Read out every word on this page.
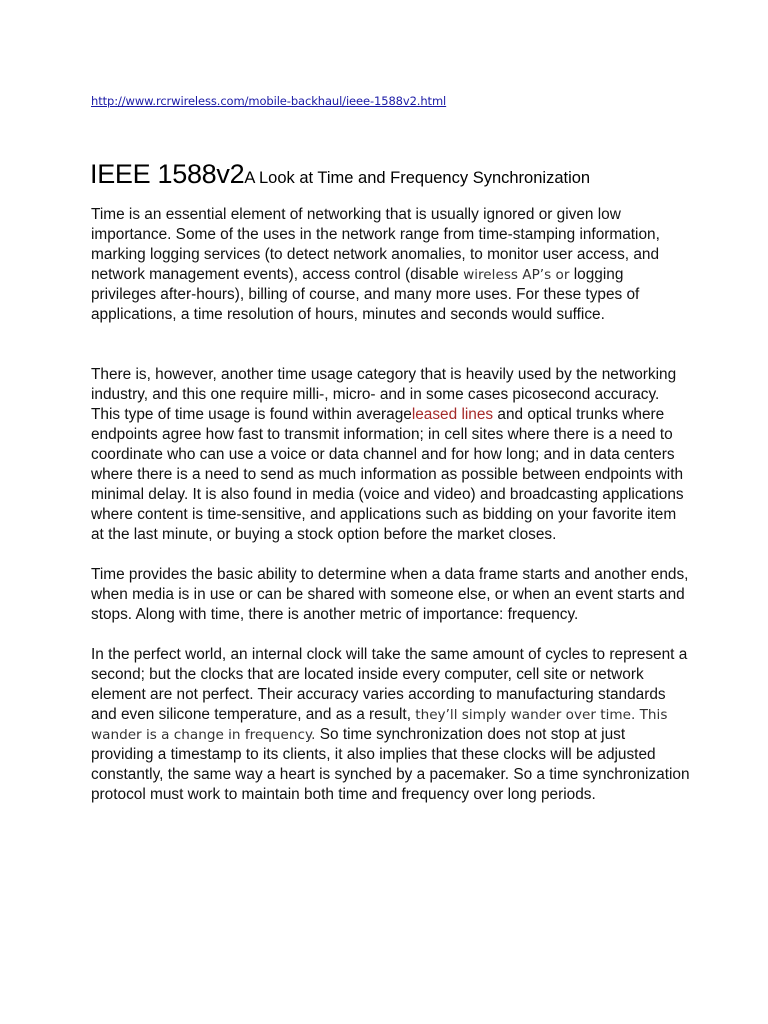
http://www.rcrwireless.com/mobile-backhaul/ieee-1588v2.html
IEEE 1588v2A Look at Time and Frequency Synchronization

Time is an essential element of networking that is usually ignored or given low importance. Some of the uses in the network range from time-stamping information, marking logging services (to detect network anomalies, to monitor user access, and network management events), access control (disable wireless AP’s or logging privileges after-hours), billing of course, and many more uses. For these types of applications, a time resolution of hours, minutes and seconds would suffice.

There is, however, another time usage category that is heavily used by the networking industry, and this one require milli-, micro- and in some cases picosecond accuracy. This type of time usage is found within averageleased lines and optical trunks where endpoints agree how fast to transmit information; in cell sites where there is a need to coordinate who can use a voice or data channel and for how long; and in data centers where there is a need to send as much information as possible between endpoints with minimal delay. It is also found in media (voice and video) and broadcasting applications where content is time-sensitive, and applications such as bidding on your favorite item at the last minute, or buying a stock option before the market closes.

Time provides the basic ability to determine when a data frame starts and another ends, when media is in use or can be shared with someone else, or when an event starts and stops. Along with time, there is another metric of importance: frequency.

In the perfect world, an internal clock will take the same amount of cycles to represent a second; but the clocks that are located inside every computer, cell site or network element are not perfect. Their accuracy varies according to manufacturing standards and even silicone temperature, and as a result, they’ll simply wander over time. This wander is a change in frequency. So time synchronization does not stop at just providing a timestamp to its clients, it also implies that these clocks will be adjusted constantly, the same way a heart is synched by a pacemaker. So a time synchronization protocol must work to maintain both time and frequency over long periods.
